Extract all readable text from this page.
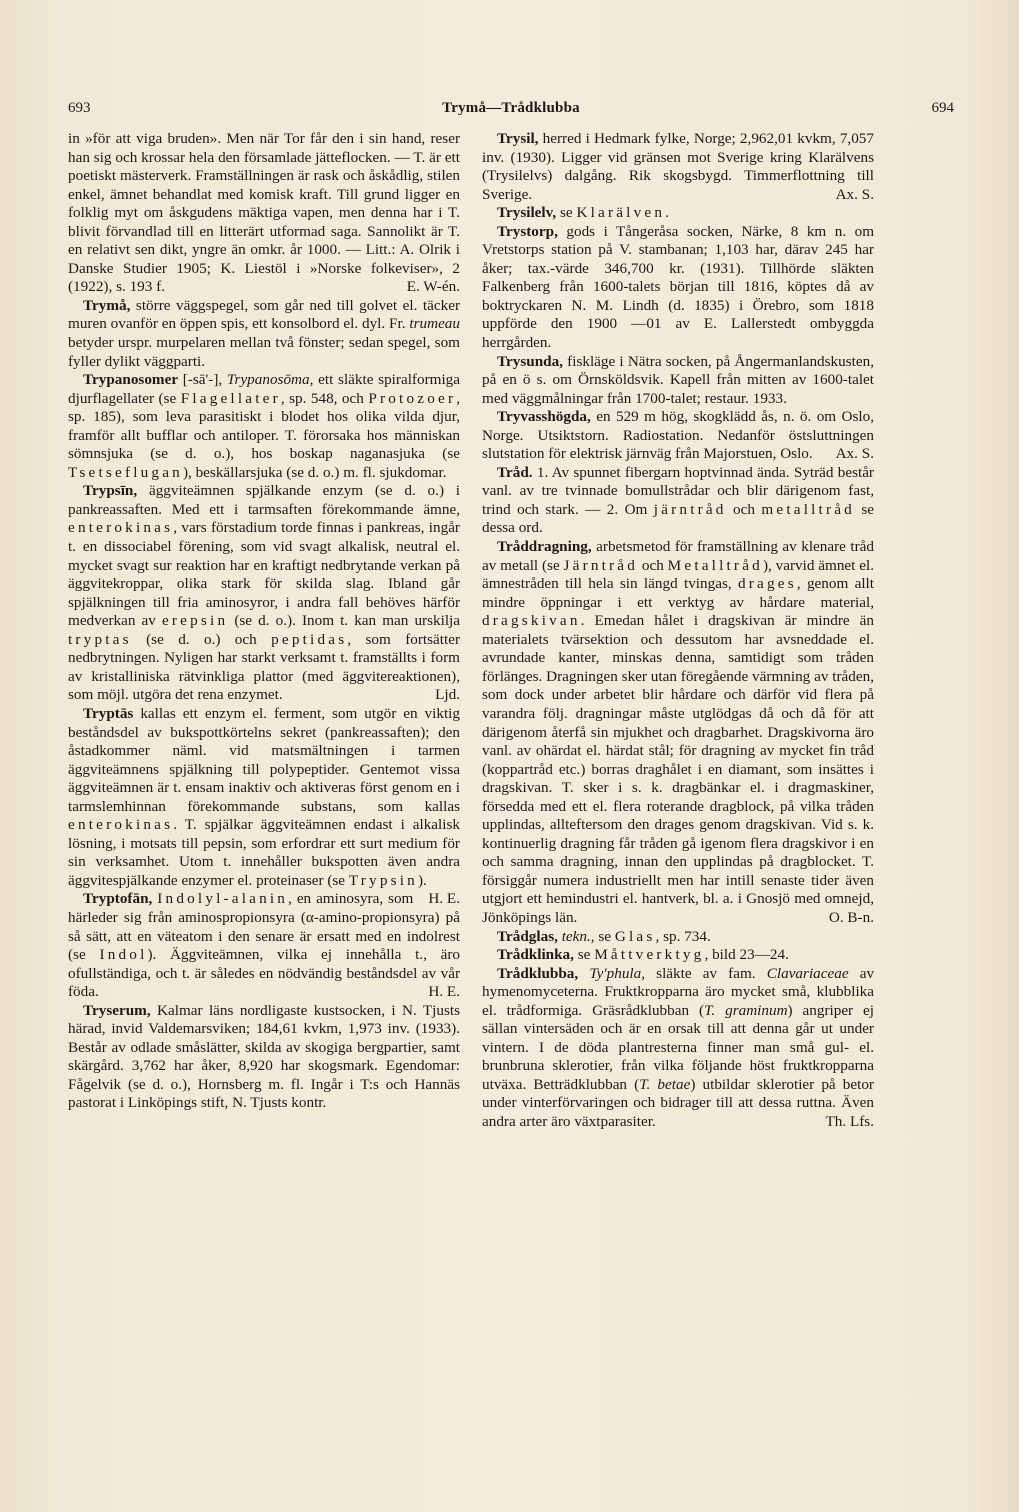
693	Trymå—Trådklubba	694

in »för att viga bruden». Men när Tor får den i sin hand, reser han sig och krossar hela den församlade jätteflocken. — T. är ett poetiskt mästerverk. Framställningen är rask och åskådlig, stilen enkel, ämnet behandlat med komisk kraft. Till grund ligger en folklig myt om åskgudens mäktiga vapen, men denna har i T. blivit förvandlad till en litterärt utformad saga. Sannolikt är T. en relativt sen dikt, yngre än omkr. år 1000. — Litt.: A. Olrik i Danske Studier 1905; K. Liestöl i »Norske folkeviser», 2 (1922), s. 193 f.	E. W-én.

Trymå, större väggspegel, som går ned till golvet el. täcker muren ovanför en öppen spis, ett konsolbord el. dyl. Fr. trumeau betyder urspr. murpelaren mellan två fönster; sedan spegel, som fyller dylikt väggparti.

Trypanosomer [-sā'-], Trypanosōma, ett släkte spiralformiga djurflagellater (se Flagellater, sp. 548, och Protozoer, sp. 185), som leva parasitiskt i blodet hos olika vilda djur, framför allt bufflar och antiloper. T. förorsaka hos människan sömnsjuka (se d. o.), hos boskap naganasjuka (se Tsetseflugan), beskällarsjuka (se d. o.) m. fl. sjukdomar.

Trypsīn, äggviteämnen spjälkande enzym (se d. o.) i pankreassaften. Med ett i tarmsaften förekommande ämne, enterokinas, vars förstadium torde finnas i pankreas, ingår t. en dissociabel förening, som vid svagt alkalisk, neutral el. mycket svagt sur reaktion har en kraftigt nedbrytande verkan på äggvitekroppar, olika stark för skilda slag. Ibland går spjälkningen till fria aminosyror, i andra fall behöves härför medverkan av erepsin (se d. o.). Inom t. kan man urskilja tryptas (se d. o.) och peptidas, som fortsätter nedbrytningen. Nyligen har starkt verksamt t. framställts i form av kristalliniska rätvinkliga plattor (med äggvitereaktionen), som möjl. utgöra det rena enzymet.	Ljd.

Tryptās kallas ett enzym el. ferment, som utgör en viktig beståndsdel av bukspottkörtelns sekret (pankreassaften); den åstadkommer näml. vid matsmältningen i tarmen äggviteämnens spjälkning till polypeptider. Gentemot vissa äggviteämnen är t. ensam inaktiv och aktiveras först genom en i tarmslemhinnan förekommande substans, som kallas enterokinas. T. spjälkar äggviteämnen endast i alkalisk lösning, i motsats till pepsin, som erfordrar ett surt medium för sin verksamhet. Utom t. innehåller bukspotten även andra äggvitespjälkande enzymer el. proteinaser (se Trypsin).
H. E.

Tryptofān, Indolyl-alanin, en aminosyra, som härleder sig från aminospropionsyra (α-amino-propionsyra) på så sätt, att en väteatom i den senare är ersatt med en indolrest (se Indol). Äggviteämnen, vilka ej innehålla t., äro ofullständiga, och t. är således en nödvändig beståndsdel av vår föda.	H. E.

Tryserum, Kalmar läns nordligaste kustsocken, i N. Tjusts härad, invid Valdemarsviken; 184,61 kvkm, 1,973 inv. (1933). Består av odlade småslätter, skilda av skogiga bergpartier, samt skärgård. 3,762 har åker, 8,920 har skogsmark. Egendomar: Fågelvik (se d. o.), Hornsberg m. fl. Ingår i T:s och Hannäs pastorat i Linköpings stift, N. Tjusts kontr.

Trysil, herred i Hedmark fylke, Norge; 2,962,01 kvkm, 7,057 inv. (1930). Ligger vid gränsen mot Sverige kring Klarälvens (Trysilelvs) dalgång. Rik skogsbygd. Timmerflottning till Sverige.	Ax. S.

Trysilelv, se Klarälven.

Trystorp, gods i Tångeråsa socken, Närke, 8 km n. om Vretstorps station på V. stambanan; 1,103 har, därav 245 har åker; tax.-värde 346,700 kr. (1931). Tillhörde släkten Falkenberg från 1600-talets början till 1816, köptes då av boktryckaren N. M. Lindh (d. 1835) i Örebro, som 1818 uppförde den 1900 —01 av E. Lallerstedt ombyggda herrgården.

Trysunda, fiskläge i Nätra socken, på Ångermanlandskusten, på en ö s. om Örnsköldsvik. Kapell från mitten av 1600-talet med väggmålningar från 1700-talet; restaur. 1933.

Tryvasshögda, en 529 m hög, skogklädd ås, n. ö. om Oslo, Norge. Utsiktstorn. Radiostation. Nedanför östsluttningen slutstation för elektrisk järnväg från Majorstuen, Oslo.	Ax. S.

Tråd. 1. Av spunnet fibergarn hoptvinnad ända. Syträd består vanl. av tre tvinnade bomullstrådar och blir därigenom fast, trind och stark. — 2. Om järntråd och metalltråd se dessa ord.

Tråddragning, arbetsmetod för framställning av klenare tråd av metall (se Järntråd och Metalltråd), varvid ämnet el. ämnestråden till hela sin längd tvingas, drages, genom allt mindre öppningar i ett verktyg av hårdare material, dragskivan. Emedan hålet i dragskivan är mindre än materialets tvärsektion och dessutom har avsneddade el. avrundade kanter, minskas denna, samtidigt som tråden förlänges. Dragningen sker utan föregående värmning av tråden, som dock under arbetet blir hårdare och därför vid flera på varandra följ. dragningar måste utglödgas då och då för att därigenom återfå sin mjukhet och dragbarhet. Dragskivorna äro vanl. av ohärdat el. härdat stål; för dragning av mycket fin tråd (koppartråd etc.) borras draghålet i en diamant, som insättes i dragskivan. T. sker i s. k. dragbänkar el. i dragmaskiner, försedda med ett el. flera roterande dragblock, på vilka tråden upplindas, allteftersom den drages genom dragskivan. Vid s. k. kontinuerlig dragning får tråden gå igenom flera dragskivor i en och samma dragning, innan den upplindas på dragblocket. T. försiggår numera industriellt men har intill senaste tider även utgjort ett hemindustri el. hantverk, bl. a. i Gnosjö med omnejd, Jönköpings län.	O. B-n.

Trådglas, tekn., se Glas, sp. 734.

Trådklinka, se Måttverktyg, bild 23—24.

Trådklubba, Ty'phula, släkte av fam. Clavariaceae av hymenomyceterna. Fruktkropparna äro mycket små, klubblika el. trådformiga. Gräsrådklubban (T. graminum) angriper ej sällan vintersäden och är en orsak till att denna går ut under vintern. I de döda plantresterna finner man små gul- el. brunbruna sklerotier, från vilka följande höst fruktkropparna utväxa. Betträdklubban (T. betae) utbildar sklerotier på betor under vinterförvaringen och bidrager till att dessa ruttna. Även andra arter äro växtparasiter.	Th. Lfs.
